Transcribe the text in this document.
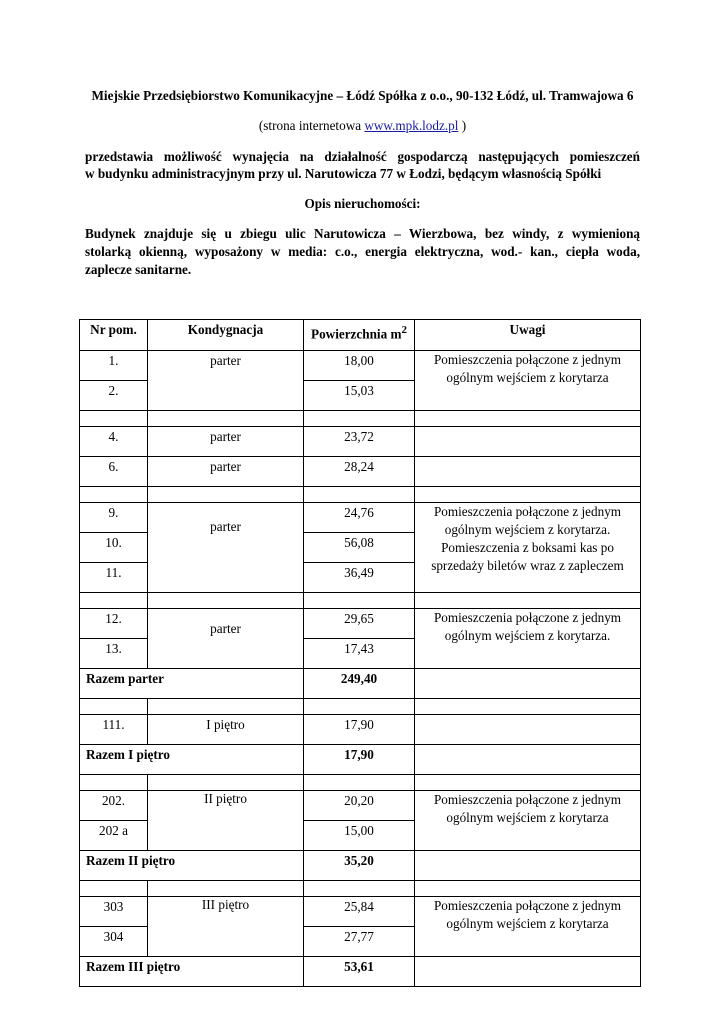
Miejskie Przedsiębiorstwo Komunikacyjne – Łódź Spółka z o.o., 90-132 Łódź, ul. Tramwajowa 6
(strona internetowa www.mpk.lodz.pl )
przedstawia możliwość wynajęcia na działalność gospodarczą następujących pomieszczeń
w budynku administracyjnym przy ul. Narutowicza 77 w Łodzi, będącym własnością Spółki
Opis nieruchomości:
Budynek znajduje się u zbiegu ulic Narutowicza – Wierzbowa, bez windy, z wymienioną
stolarką okienną, wyposażony w media: c.o., energia elektryczna, wod.- kan., ciepła woda,
zaplecze sanitarne.
Nr pom.	Kondygnacja	Powierzchnia $m^2$	Uwagi

1.	parter	18,00	Pomieszczenia połączone z jednym
ogólnym wejściem z korytarza

2.		15,03	

4.	parter	23,72	

6.	parter	28,24	

9.	parter	24,76	Pomieszczenia połączone z jednym
ogólnym wejściem z korytarza.
Pomieszczenia z boksami kas po
sprzedaży biletów wraz z zapleczem

10.		56,08	

11.		36,49	

12.	parter	29,65	Pomieszczenia połączone z jednym
ogólnym wejściem z korytarza.

13.		17,43	

Razem parter		249,40	

111.	I piętro	17,90	

Razem I piętro		17,90	

202.	II piętro	20,20	Pomieszczenia połączone z jednym
ogólnym wejściem z korytarza

202 a		15,00	

Razem II piętro		35,20	

303	III piętro	25,84	Pomieszczenia połączone z jednym
ogólnym wejściem z korytarza

304		27,77	

Razem III piętro		53,61	
